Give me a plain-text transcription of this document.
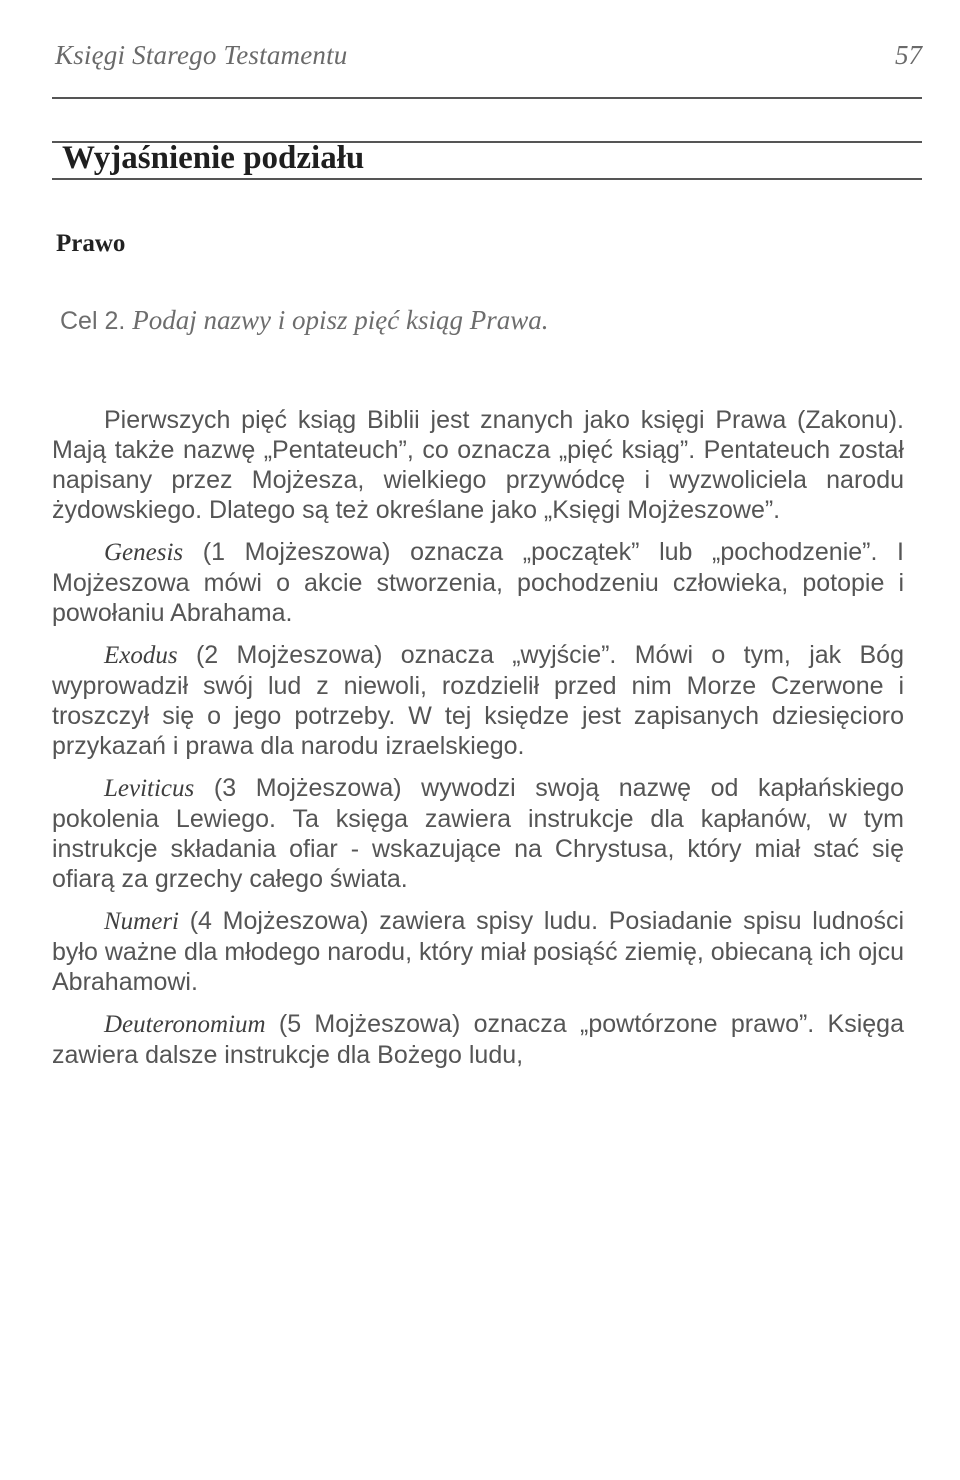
Księgi Starego Testamentu	57
Wyjaśnienie podziału
Prawo
Cel 2. Podaj nazwy i opisz pięć ksiąg Prawa.

Pierwszych pięć ksiąg Biblii jest znanych jako księgi Prawa (Zakonu). Mają także nazwę „Pentateuch”, co oznacza „pięć ksiąg”. Pentateuch został napisany przez Mojżesza, wielkiego przywódcę i wyzwoliciela narodu żydowskiego. Dlatego są też określane jako „Księgi Mojżeszowe”.

Genesis (1 Mojżeszowa) oznacza „początek” lub „pochodzenie”. I Mojżeszowa mówi o akcie stworzenia, pochodzeniu człowieka, potopie i powołaniu Abrahama.

Exodus (2 Mojżeszowa) oznacza „wyjście”. Mówi o tym, jak Bóg wyprowadził swój lud z niewoli, rozdzielił przed nim Morze Czerwone i troszczył się o jego potrzeby. W tej księdze jest zapisanych dziesięcioro przykazań i prawa dla narodu izraelskiego.

Leviticus (3 Mojżeszowa) wywodzi swoją nazwę od kapłańskiego pokolenia Lewiego. Ta księga zawiera instrukcje dla kapłanów, w tym instrukcje składania ofiar - wskazujące na Chrystusa, który miał stać się ofiarą za grzechy całego świata.

Numeri (4 Mojżeszowa) zawiera spisy ludu. Posiadanie spisu ludności było ważne dla młodego narodu, który miał posiąść ziemię, obiecaną ich ojcu Abrahamowi.

Deuteronomium (5 Mojżeszowa) oznacza „powtórzone prawo”. Księga zawiera dalsze instrukcje dla Bożego ludu,
